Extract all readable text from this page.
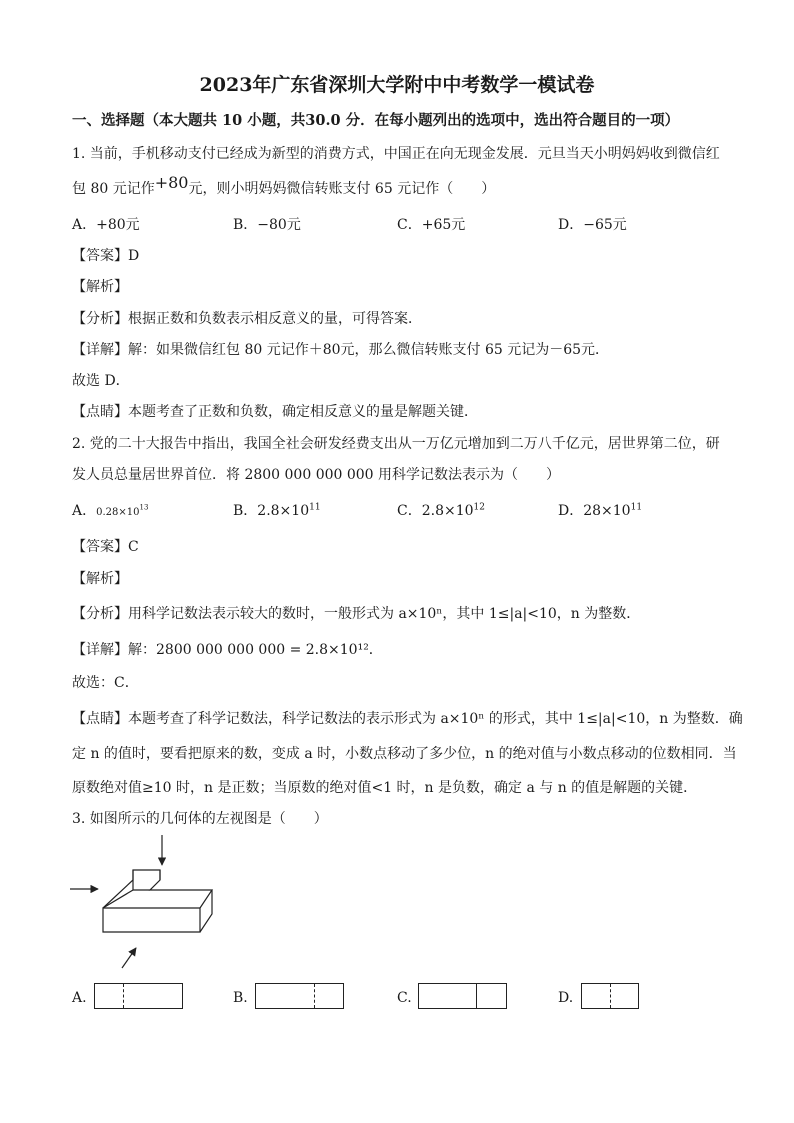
2023年广东省深圳大学附中中考数学一模试卷
一、选择题（本大题共 10 小题，共30.0 分．在每小题列出的选项中，选出符合题目的一项）
1. 当前，手机移动支付已经成为新型的消费方式，中国正在向无现金发展．元旦当天小明妈妈收到微信红
包 80 元记作+80元，则小明妈妈微信转账支付 65 元记作（　　）
A．+80元	B．−80元	C．+65元	D．−65元
【答案】D
【解析】
【分析】根据正数和负数表示相反意义的量，可得答案．
【详解】解：如果微信红包 80 元记作＋80元，那么微信转账支付 65 元记为－65元．
故选 D．
【点睛】本题考查了正数和负数，确定相反意义的量是解题关键．
2. 党的二十大报告中指出，我国全社会研发经费支出从一万亿元增加到二万八千亿元，居世界第二位，研
发人员总量居世界首位．将 2800 000 000 000 用科学记数法表示为（　　）
A．$0.28\times 10^{13}$	B．$2.8\times 10^{11}$	C．$2.8\times 10^{12}$	D．$28\times 10^{11}$
【答案】C
【解析】
【分析】用科学记数法表示较大的数时，一般形式为 a×10ⁿ，其中 1≤|a|<10，n 为整数．
【详解】解：2800 000 000 000 = 2.8×10¹²．
故选：C．
【点睛】本题考查了科学记数法，科学记数法的表示形式为 a×10ⁿ 的形式，其中 1≤|a|<10，n 为整数．确
定 n 的值时，要看把原来的数，变成 a 时，小数点移动了多少位，n 的绝对值与小数点移动的位数相同．当
原数绝对值≥10 时，n 是正数；当原数的绝对值<1 时，n 是负数，确定 a 与 n 的值是解题的关键．
3. 如图所示的几何体的左视图是（　　）
A.	B.	C.	D.
